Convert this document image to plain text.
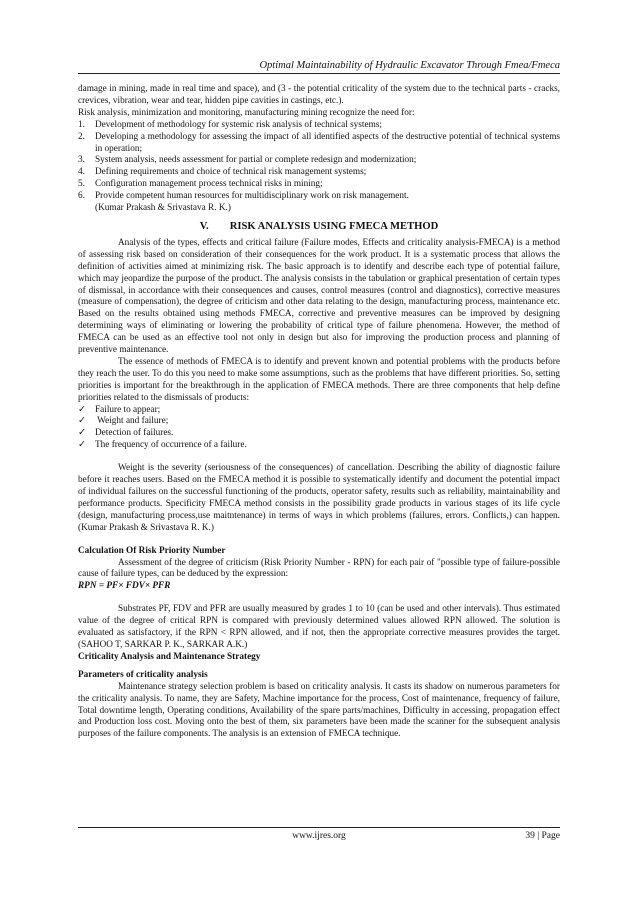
Optimal Maintainability of Hydraulic Excavator Through Fmea/Fmeca

damage in mining, made in real time and space), and (3 - the potential criticality of the system due to the technical parts - cracks, crevices, vibration, wear and tear, hidden pipe cavities in castings, etc.).

Risk analysis, minimization and monitoring, manufacturing mining recognize the need for:

1.	Development of methodology for systemic risk analysis of technical systems;
2.	Developing a methodology for assessing the impact of all identified aspects of the destructive potential of technical systems in operation;
3.	System analysis, needs assessment for partial or complete redesign and modernization;
4.	Defining requirements and choice of technical risk management systems;
5.	Configuration management process technical risks in mining;
6.	Provide competent human resources for multidisciplinary work on risk management.

(Kumar Prakash & Srivastava R. K.)

V. RISK ANALYSIS USING FMECA METHOD

Analysis of the types, effects and critical failure (Failure modes, Effects and criticality analysis-FMECA) is a method of assessing risk based on consideration of their consequences for the work product. It is a systematic process that allows the definition of activities aimed at minimizing risk. The basic approach is to identify and describe each type of potential failure, which may jeopardize the purpose of the product. The analysis consists in the tabulation or graphical presentation of certain types of dismissal, in accordance with their consequences and causes, control measures (control and diagnostics), corrective measures (measure of compensation), the degree of criticism and other data relating to the design, manufacturing process, maintenance etc. Based on the results obtained using methods FMECA, corrective and preventive measures can be improved by designing determining ways of eliminating or lowering the probability of critical type of failure phenomena. However, the method of FMECA can be used as an effective tool not only in design but also for improving the production process and planning of preventive maintenance.

The essence of methods of FMECA is to identify and prevent known and potential problems with the products before they reach the user. To do this you need to make some assumptions, such as the problems that have different priorities. So, setting priorities is important for the breakthrough in the application of FMECA methods. There are three components that help define priorities related to the dismissals of products:

✓ Failure to appear;
✓ Weight and failure;
✓ Detection of failures.
✓ The frequency of occurrence of a failure.

Weight is the severity (seriousness of the consequences) of cancellation. Describing the ability of diagnostic failure before it reaches users. Based on the FMECA method it is possible to systematically identify and document the potential impact of individual failures on the successful functioning of the products, operator safety, results such as reliability, maintainability and performance products. Specificity FMECA method consists in the possibility grade products in various stages of its life cycle (design, manufacturing process,use maitntenance) in terms of ways in which problems (failures, errors. Conflicts,) can happen. (Kumar Prakash & Srivastava R. K.)

Calculation Of Risk Priority Number

Assessment of the degree of criticism (Risk Priority Number - RPN) for each pair of "possible type of failure-possible cause of failure types, can be deduced by the expression:

RPN = PF× FDV× PFR

Substrates PF, FDV and PFR are usually measured by grades 1 to 10 (can be used and other intervals). Thus estimated value of the degree of critical RPN is compared with previously determined values allowed RPN allowed. The solution is evaluated as satisfactory, if the RPN < RPN allowed, and if not, then the appropriate corrective measures provides the target. (SAHOO T, SARKAR P. K., SARKAR A.K.)

Criticality Analysis and Maintenance Strategy

Parameters of criticality analysis

Maintenance strategy selection problem is based on criticality analysis. It casts its shadow on numerous parameters for the criticality analysis. To name, they are Safety, Machine importance for the process, Cost of maintenance, frequency of failure, Total downtime length, Operating conditions, Availability of the spare parts/machines, Difficulty in accessing, propagation effect and Production loss cost. Moving onto the best of them, six parameters have been made the scanner for the subsequent analysis purposes of the failure components. The analysis is an extension of FMECA technique.

www.ijres.org	39 | Page
